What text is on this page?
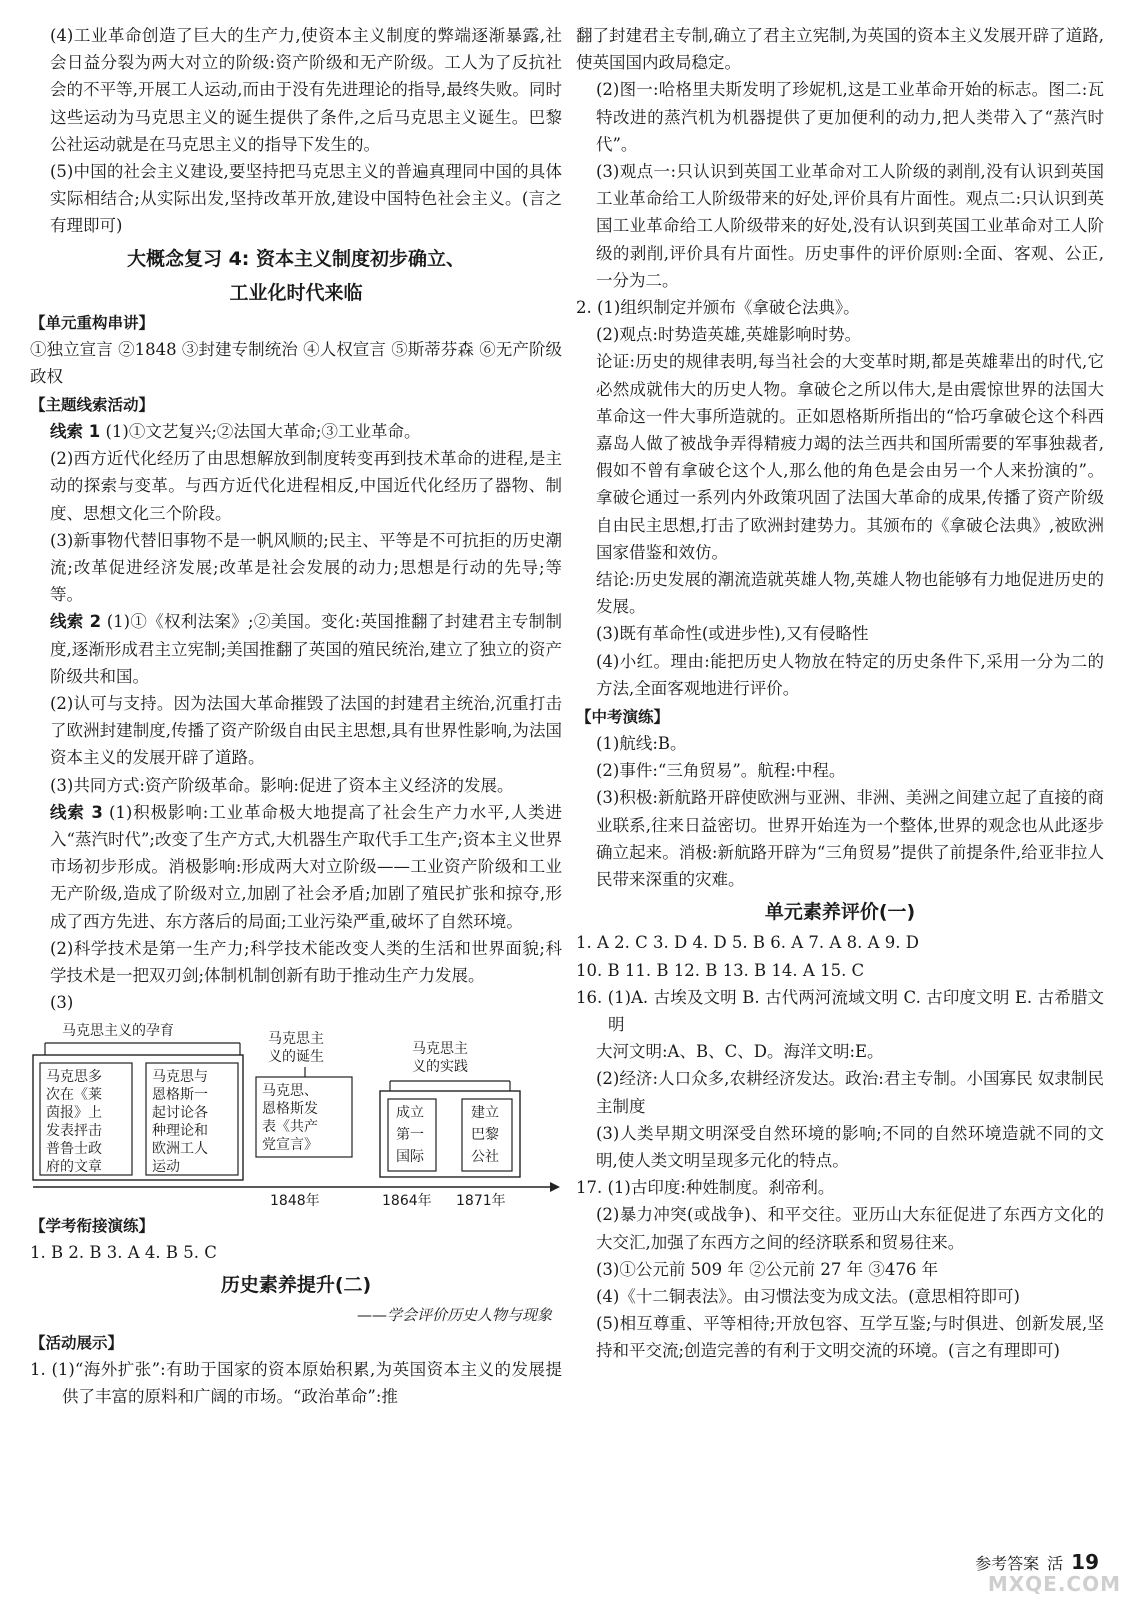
(4)工业革命创造了巨大的生产力,使资本主义制度的弊端逐渐暴露,社会日益分裂为两大对立的阶级:资产阶级和无产阶级。工人为了反抗社会的不平等,开展工人运动,而由于没有先进理论的指导,最终失败。同时这些运动为马克思主义的诞生提供了条件,之后马克思主义诞生。巴黎公社运动就是在马克思主义的指导下发生的。

(5)中国的社会主义建设,要坚持把马克思主义的普遍真理同中国的具体实际相结合;从实际出发,坚持改革开放,建设中国特色社会主义。(言之有理即可)

大概念复习 4: 资本主义制度初步确立、
工业化时代来临
【单元重构串讲】

①独立宣言 ②1848 ③封建专制统治 ④人权宣言 ⑤斯蒂芬森 ⑥无产阶级政权

【主题线索活动】

线索 1 (1)①文艺复兴;②法国大革命;③工业革命。

(2)西方近代化经历了由思想解放到制度转变再到技术革命的进程,是主动的探索与变革。与西方近代化进程相反,中国近代化经历了器物、制度、思想文化三个阶段。

(3)新事物代替旧事物不是一帆风顺的;民主、平等是不可抗拒的历史潮流;改革促进经济发展;改革是社会发展的动力;思想是行动的先导;等等。

线索 2 (1)①《权利法案》;②美国。变化:英国推翻了封建君主专制制度,逐渐形成君主立宪制;美国推翻了英国的殖民统治,建立了独立的资产阶级共和国。

(2)认可与支持。因为法国大革命摧毁了法国的封建君主统治,沉重打击了欧洲封建制度,传播了资产阶级自由民主思想,具有世界性影响,为法国资本主义的发展开辟了道路。

(3)共同方式:资产阶级革命。影响:促进了资本主义经济的发展。

线索 3 (1)积极影响:工业革命极大地提高了社会生产力水平,人类进入“蒸汽时代”;改变了生产方式,大机器生产取代手工生产;资本主义世界市场初步形成。消极影响:形成两大对立阶级——工业资产阶级和工业无产阶级,造成了阶级对立,加剧了社会矛盾;加剧了殖民扩张和掠夺,形成了西方先进、东方落后的局面;工业污染严重,破坏了自然环境。

(2)科学技术是第一生产力;科学技术能改变人类的生活和世界面貌;科学技术是一把双刃剑;体制机制创新有助于推动生产力发展。

(3)

马克思主义的孕育
马克思多
次在《莱
茵报》上
发表抨击
普鲁士政
府的文章
马克思与
恩格斯一
起讨论各
种理论和
欧洲工人
运动
马克思主
义的诞生
马克思、
恩格斯发
表《共产
党宣言》
马克思主
义的实践
成立
第一
国际
建立
巴黎
公社
1848年	1864年 1871年
【学考衔接演练】

1. B 2. B 3. A 4. B 5. C

历史素养提升(二)
——学会评价历史人物与现象
【活动展示】

1. (1)“海外扩张”:有助于国家的资本原始积累,为英国资本主义的发展提供了丰富的原料和广阔的市场。“政治革命”:推

翻了封建君主专制,确立了君主立宪制,为英国的资本主义发展开辟了道路,使英国国内政局稳定。

(2)图一:哈格里夫斯发明了珍妮机,这是工业革命开始的标志。图二:瓦特改进的蒸汽机为机器提供了更加便利的动力,把人类带入了“蒸汽时代”。

(3)观点一:只认识到英国工业革命对工人阶级的剥削,没有认识到英国工业革命给工人阶级带来的好处,评价具有片面性。观点二:只认识到英国工业革命给工人阶级带来的好处,没有认识到英国工业革命对工人阶级的剥削,评价具有片面性。历史事件的评价原则:全面、客观、公正,一分为二。

2. (1)组织制定并颁布《拿破仑法典》。

(2)观点:时势造英雄,英雄影响时势。

论证:历史的规律表明,每当社会的大变革时期,都是英雄辈出的时代,它必然成就伟大的历史人物。拿破仑之所以伟大,是由震惊世界的法国大革命这一件大事所造就的。正如恩格斯所指出的“恰巧拿破仑这个科西嘉岛人做了被战争弄得精疲力竭的法兰西共和国所需要的军事独裁者,假如不曾有拿破仑这个人,那么他的角色是会由另一个人来扮演的”。拿破仑通过一系列内外政策巩固了法国大革命的成果,传播了资产阶级自由民主思想,打击了欧洲封建势力。其颁布的《拿破仑法典》,被欧洲国家借鉴和效仿。

结论:历史发展的潮流造就英雄人物,英雄人物也能够有力地促进历史的发展。

(3)既有革命性(或进步性),又有侵略性

(4)小红。理由:能把历史人物放在特定的历史条件下,采用一分为二的方法,全面客观地进行评价。

【中考演练】

(1)航线:B。

(2)事件:“三角贸易”。航程:中程。

(3)积极:新航路开辟使欧洲与亚洲、非洲、美洲之间建立起了直接的商业联系,往来日益密切。世界开始连为一个整体,世界的观念也从此逐步确立起来。消极:新航路开辟为“三角贸易”提供了前提条件,给亚非拉人民带来深重的灾难。

单元素养评价(一)

1. A 2. C 3. D 4. D 5. B 6. A 7. A 8. A 9. D

10. B 11. B 12. B 13. B 14. A 15. C

16. (1)A. 古埃及文明 B. 古代两河流域文明 C. 古印度文明 E. 古希腊文明

大河文明:A、B、C、D。海洋文明:E。

(2)经济:人口众多,农耕经济发达。政治:君主专制。小国寡民 奴隶制民主制度

(3)人类早期文明深受自然环境的影响;不同的自然环境造就不同的文明,使人类文明呈现多元化的特点。

17. (1)古印度:种姓制度。刹帝利。

(2)暴力冲突(或战争)、和平交往。亚历山大东征促进了东西方文化的大交汇,加强了东西方之间的经济联系和贸易往来。

(3)①公元前 509 年 ②公元前 27 年 ③476 年

(4)《十二铜表法》。由习惯法变为成文法。(意思相符即可)

(5)相互尊重、平等相待;开放包容、互学互鉴;与时俱进、创新发展,坚持和平交流;创造完善的有利于文明交流的环境。(言之有理即可)

参考答案 活 19
MXQE.COM
